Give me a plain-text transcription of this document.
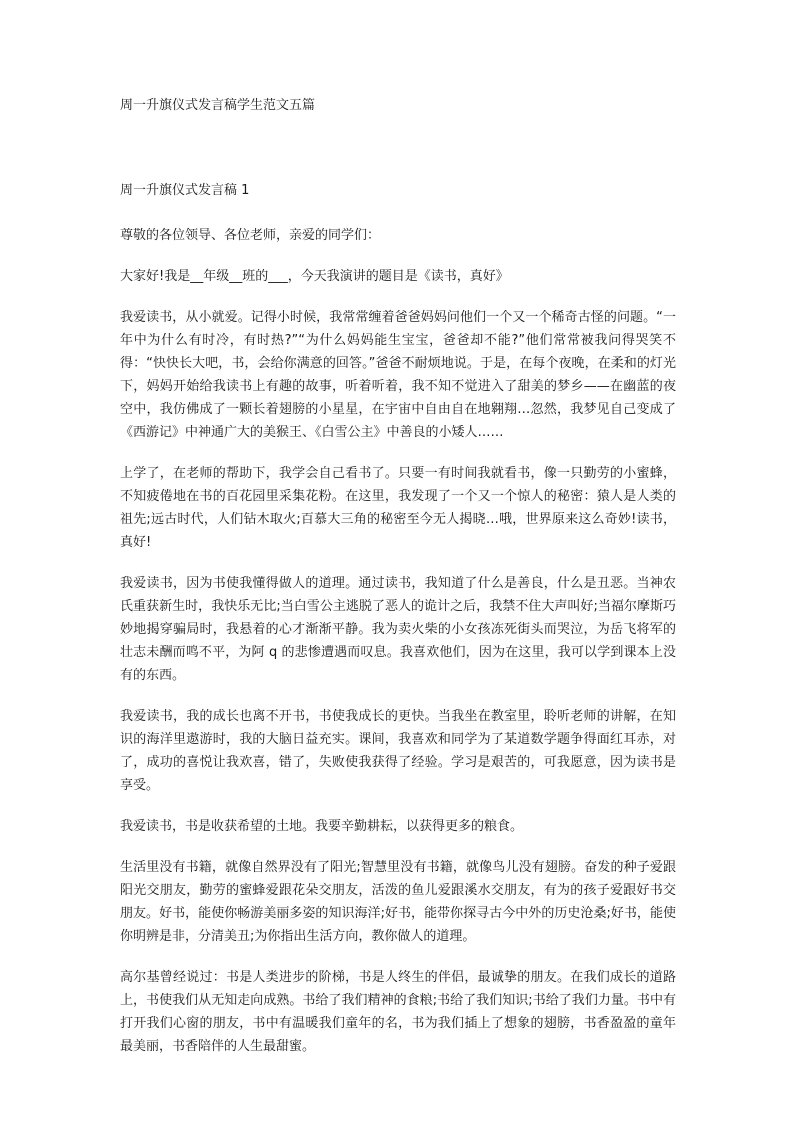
周一升旗仪式发言稿学生范文五篇
周一升旗仪式发言稿 1

尊敬的各位领导、各位老师，亲爱的同学们：

大家好!我是__年级__班的___，今天我演讲的题目是《读书，真好》

我爱读书，从小就爱。记得小时候，我常常缠着爸爸妈妈问他们一个又一个稀奇古怪的问题。“一年中为什么有时冷，有时热?”“为什么妈妈能生宝宝，爸爸却不能?”他们常常被我问得哭笑不得：“快快长大吧，书，会给你满意的回答。”爸爸不耐烦地说。于是，在每个夜晚，在柔和的灯光下，妈妈开始给我读书上有趣的故事，听着听着，我不知不觉进入了甜美的梦乡——在幽蓝的夜空中，我仿佛成了一颗长着翅膀的小星星，在宇宙中自由自在地翱翔…忽然，我梦见自己变成了《西游记》中神通广大的美猴王、《白雪公主》中善良的小矮人……

上学了，在老师的帮助下，我学会自己看书了。只要一有时间我就看书，像一只勤劳的小蜜蜂，不知疲倦地在书的百花园里采集花粉。在这里，我发现了一个又一个惊人的秘密：猿人是人类的祖先;远古时代，人们钻木取火;百慕大三角的秘密至今无人揭晓…哦，世界原来这么奇妙!读书，真好!

我爱读书，因为书使我懂得做人的道理。通过读书，我知道了什么是善良，什么是丑恶。当神农氏重获新生时，我快乐无比;当白雪公主逃脱了恶人的诡计之后，我禁不住大声叫好;当福尔摩斯巧妙地揭穿骗局时，我悬着的心才渐渐平静。我为卖火柴的小女孩冻死街头而哭泣，为岳飞将军的壮志未酬而鸣不平，为阿 q 的悲惨遭遇而叹息。我喜欢他们，因为在这里，我可以学到课本上没有的东西。

我爱读书，我的成长也离不开书，书使我成长的更快。当我坐在教室里，聆听老师的讲解，在知识的海洋里遨游时，我的大脑日益充实。课间，我喜欢和同学为了某道数学题争得面红耳赤，对了，成功的喜悦让我欢喜，错了，失败使我获得了经验。学习是艰苦的，可我愿意，因为读书是享受。

我爱读书，书是收获希望的土地。我要辛勤耕耘，以获得更多的粮食。

生活里没有书籍，就像自然界没有了阳光;智慧里没有书籍，就像鸟儿没有翅膀。奋发的种子爱跟阳光交朋友，勤劳的蜜蜂爱跟花朵交朋友，活泼的鱼儿爱跟溪水交朋友，有为的孩子爱跟好书交朋友。好书，能使你畅游美丽多姿的知识海洋;好书，能带你探寻古今中外的历史沧桑;好书，能使你明辨是非，分清美丑;为你指出生活方向，教你做人的道理。

高尔基曾经说过：书是人类进步的阶梯，书是人终生的伴侣，最诚挚的朋友。在我们成长的道路上，书使我们从无知走向成熟。书给了我们精神的食粮;书给了我们知识;书给了我们力量。书中有打开我们心窗的朋友，书中有温暖我们童年的名，书为我们插上了想象的翅膀，书香盈盈的童年最美丽，书香陪伴的人生最甜蜜。
